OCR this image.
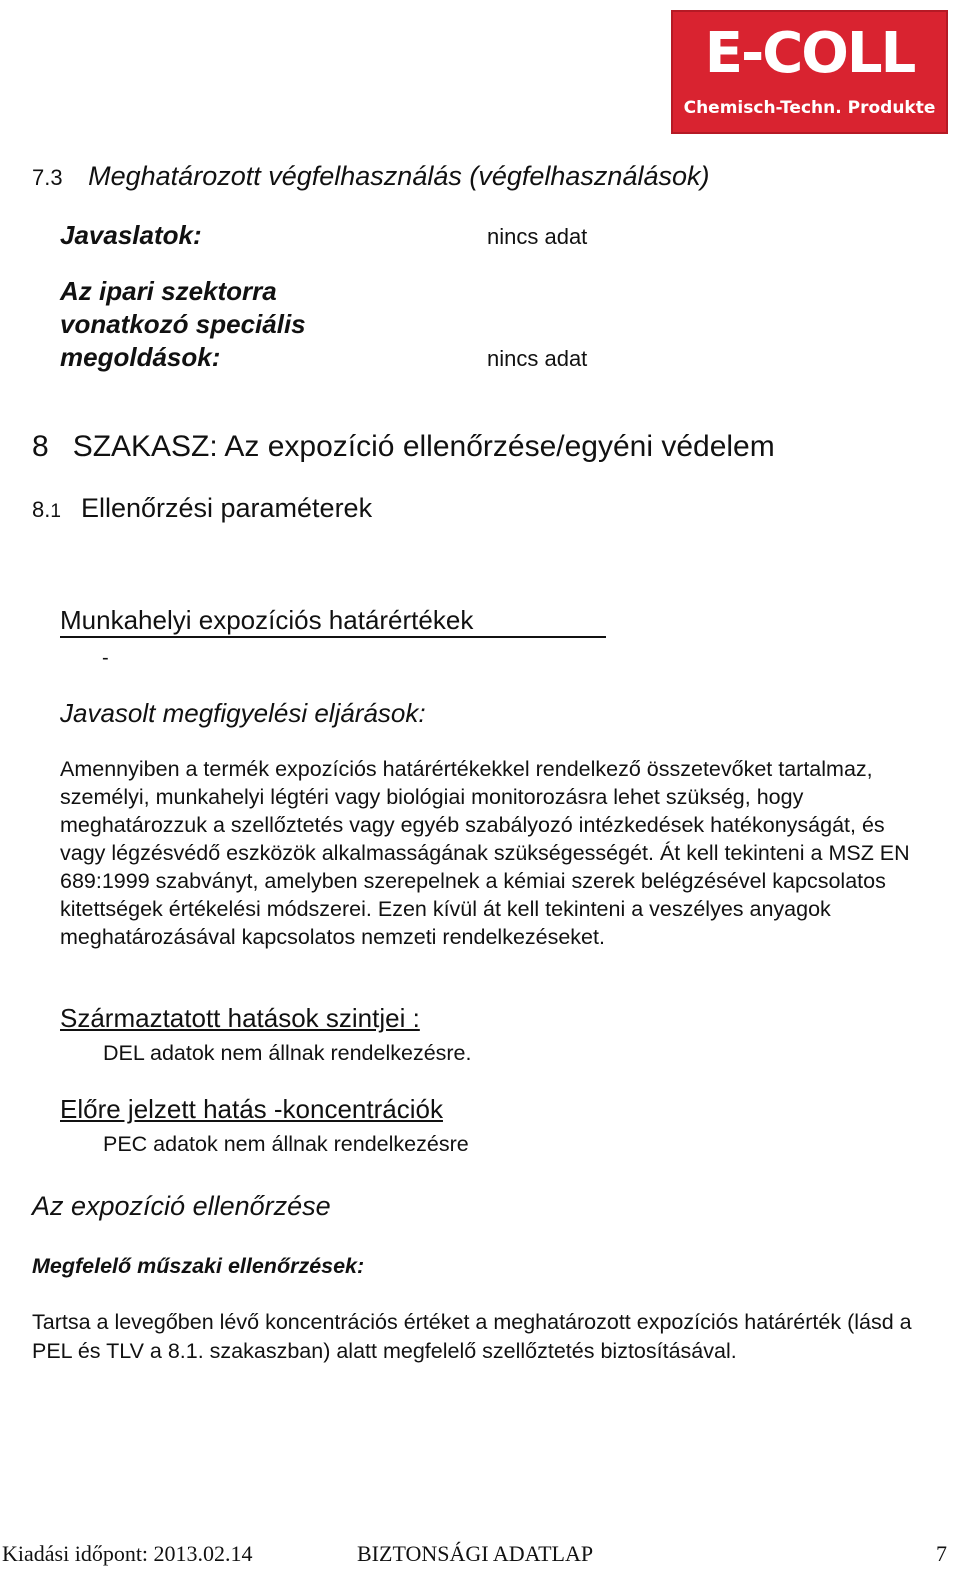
E-COLL
Chemisch-Techn. Produkte
7.3 Meghatározott végfelhasználás (végfelhasználások)
Javaslatok:	nincs adat
Az ipari szektorra
vonatkozó speciális
megoldások:	nincs adat
8 SZAKASZ: Az expozíció ellenőrzése/egyéni védelem
8.1 Ellenőrzési paraméterek
Munkahelyi expozíciós határértékek
-
Javasolt megfigyelési eljárások:
Amennyiben a termék expozíciós határértékekkel rendelkező összetevőket tartalmaz, személyi, munkahelyi légtéri vagy biológiai monitorozásra lehet szükség, hogy meghatározzuk a szellőztetés vagy egyéb szabályozó intézkedések hatékonyságát, és vagy légzésvédő eszközök alkalmasságának szükségességét. Át kell tekinteni a MSZ EN 689:1999 szabványt, amelyben szerepelnek a kémiai szerek belégzésével kapcsolatos kitettségek értékelési módszerei. Ezen kívül át kell tekinteni a veszélyes anyagok meghatározásával kapcsolatos nemzeti rendelkezéseket.
Származtatott hatások szintjei :
DEL adatok nem állnak rendelkezésre.
Előre jelzett hatás -koncentrációk
PEC adatok nem állnak rendelkezésre
Az expozíció ellenőrzése
Megfelelő műszaki ellenőrzések:
Tartsa a levegőben lévő koncentrációs értéket a meghatározott expozíciós határérték (lásd a PEL és TLV a 8.1. szakaszban) alatt megfelelő szellőztetés biztosításával.
Kiadási időpont: 2013.02.14	BIZTONSÁGI ADATLAP	7
